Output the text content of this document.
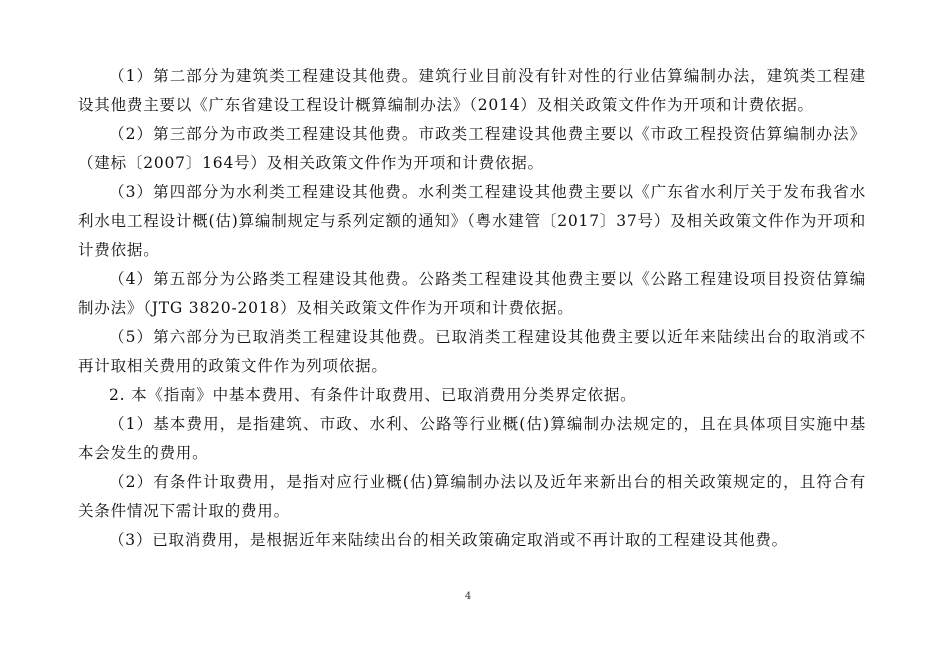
（1）第二部分为建筑类工程建设其他费。建筑行业目前没有针对性的行业估算编制办法，建筑类工程建设其他费主要以《广东省建设工程设计概算编制办法》（2014）及相关政策文件作为开项和计费依据。

（2）第三部分为市政类工程建设其他费。市政类工程建设其他费主要以《市政工程投资估算编制办法》（建标〔2007〕164号）及相关政策文件作为开项和计费依据。

（3）第四部分为水利类工程建设其他费。水利类工程建设其他费主要以《广东省水利厅关于发布我省水利水电工程设计概(估)算编制规定与系列定额的通知》（粤水建管〔2017〕37号）及相关政策文件作为开项和计费依据。

（4）第五部分为公路类工程建设其他费。公路类工程建设其他费主要以《公路工程建设项目投资估算编制办法》（JTG 3820-2018）及相关政策文件作为开项和计费依据。

（5）第六部分为已取消类工程建设其他费。已取消类工程建设其他费主要以近年来陆续出台的取消或不再计取相关费用的政策文件作为列项依据。

2. 本《指南》中基本费用、有条件计取费用、已取消费用分类界定依据。

（1）基本费用，是指建筑、市政、水利、公路等行业概(估)算编制办法规定的，且在具体项目实施中基本会发生的费用。

（2）有条件计取费用，是指对应行业概(估)算编制办法以及近年来新出台的相关政策规定的，且符合有关条件情况下需计取的费用。

（3）已取消费用，是根据近年来陆续出台的相关政策确定取消或不再计取的工程建设其他费。

4
